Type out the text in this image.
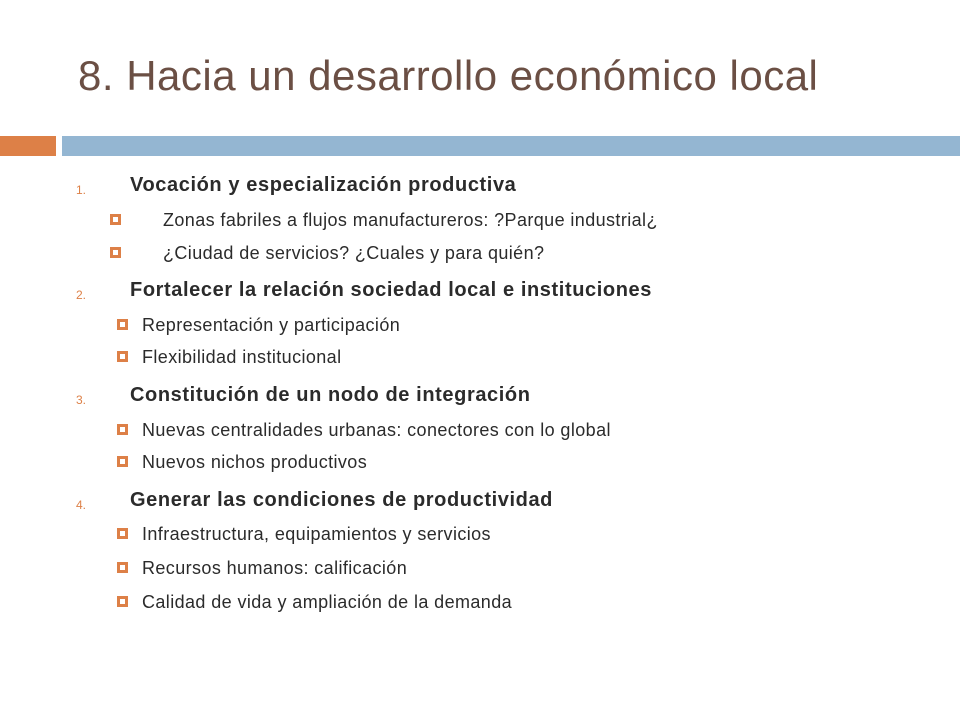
8. Hacia un desarrollo económico local
1. Vocación y especialización productiva
Zonas fabriles a flujos manufactureros: ?Parque industrial¿
¿Ciudad de servicios? ¿Cuales y para quién?
2. Fortalecer la relación sociedad local e instituciones
Representación y participación
Flexibilidad institucional
3. Constitución de un nodo de integración
Nuevas centralidades urbanas: conectores con lo global
Nuevos nichos productivos
4. Generar las condiciones de productividad
Infraestructura, equipamientos y servicios
Recursos humanos: calificación
Calidad de vida y ampliación de la demanda
